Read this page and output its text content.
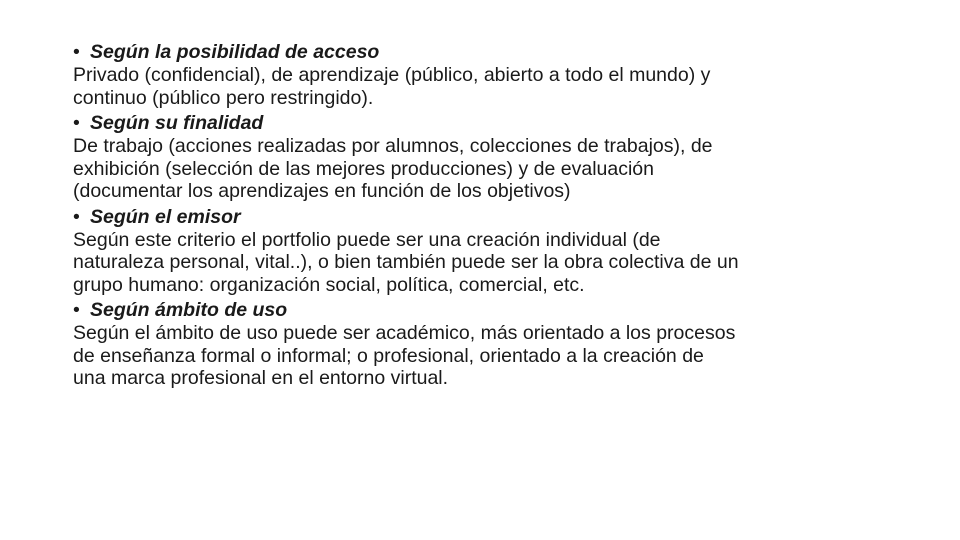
• Según la posibilidad de acceso
Privado (confidencial), de aprendizaje (público, abierto a todo el mundo) y
continuo (público pero restringido).
• Según su finalidad
De trabajo (acciones realizadas por alumnos, colecciones de trabajos), de
exhibición (selección de las mejores producciones) y de evaluación
(documentar los aprendizajes en función de los objetivos)
• Según el emisor
Según este criterio el portfolio puede ser una creación individual (de
naturaleza personal, vital..), o bien también puede ser la obra colectiva de un
grupo humano: organización social, política, comercial, etc.
• Según ámbito de uso
Según el ámbito de uso puede ser académico, más orientado a los procesos
de enseñanza formal o informal; o profesional, orientado a la creación de
una marca profesional en el entorno virtual.
